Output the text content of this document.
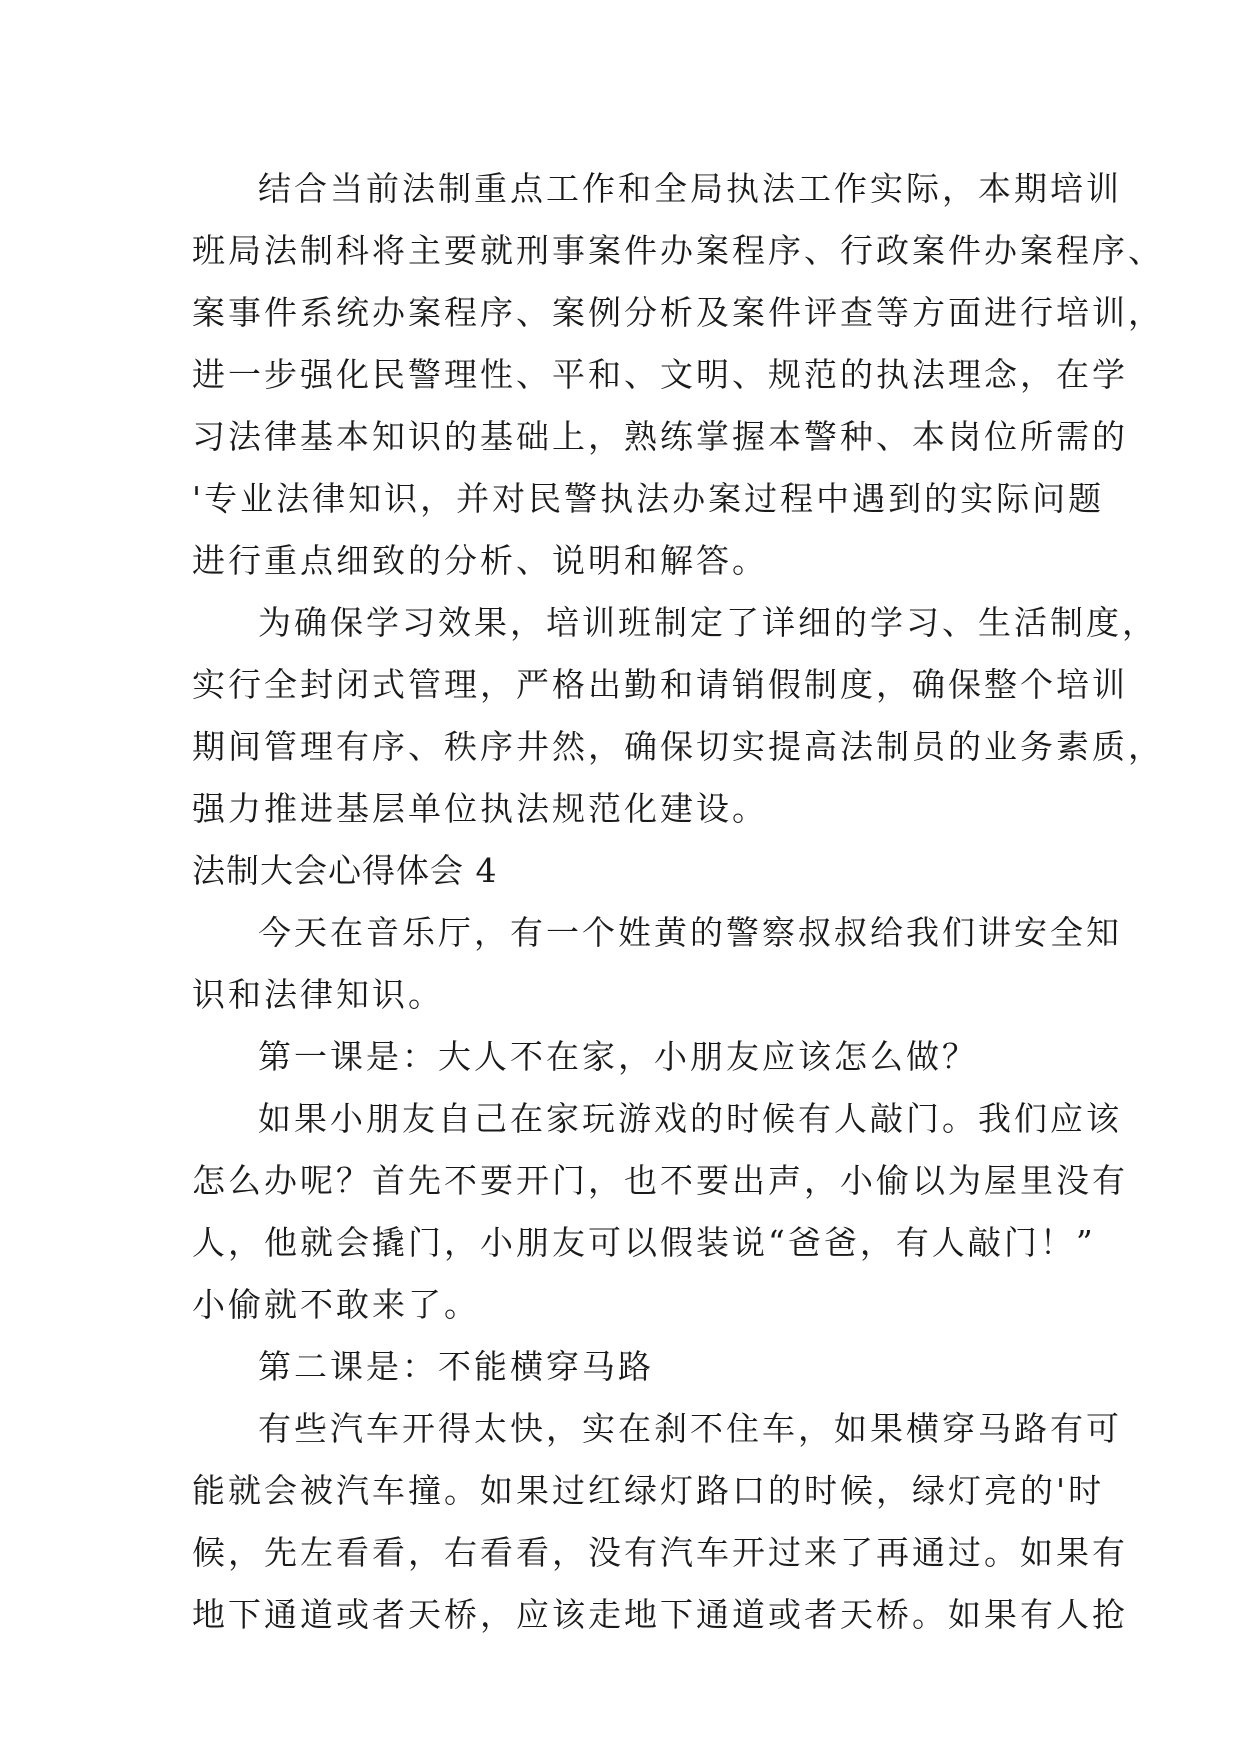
结合当前法制重点工作和全局执法工作实际，本期培训
班局法制科将主要就刑事案件办案程序、行政案件办案程序、
案事件系统办案程序、案例分析及案件评查等方面进行培训，
进一步强化民警理性、平和、文明、规范的执法理念，在学
习法律基本知识的基础上，熟练掌握本警种、本岗位所需的
'专业法律知识，并对民警执法办案过程中遇到的实际问题
进行重点细致的分析、说明和解答。
为确保学习效果，培训班制定了详细的学习、生活制度，
实行全封闭式管理，严格出勤和请销假制度，确保整个培训
期间管理有序、秩序井然，确保切实提高法制员的业务素质，
强力推进基层单位执法规范化建设。
法制大会心得体会 4
今天在音乐厅，有一个姓黄的警察叔叔给我们讲安全知
识和法律知识。
第一课是：大人不在家，小朋友应该怎么做？
如果小朋友自己在家玩游戏的时候有人敲门。我们应该
怎么办呢？首先不要开门，也不要出声，小偷以为屋里没有
人，他就会撬门，小朋友可以假装说“爸爸，有人敲门！”
小偷就不敢来了。
第二课是：不能横穿马路
有些汽车开得太快，实在刹不住车，如果横穿马路有可
能就会被汽车撞。如果过红绿灯路口的时候，绿灯亮的'时
候，先左看看，右看看，没有汽车开过来了再通过。如果有
地下通道或者天桥，应该走地下通道或者天桥。如果有人抢
